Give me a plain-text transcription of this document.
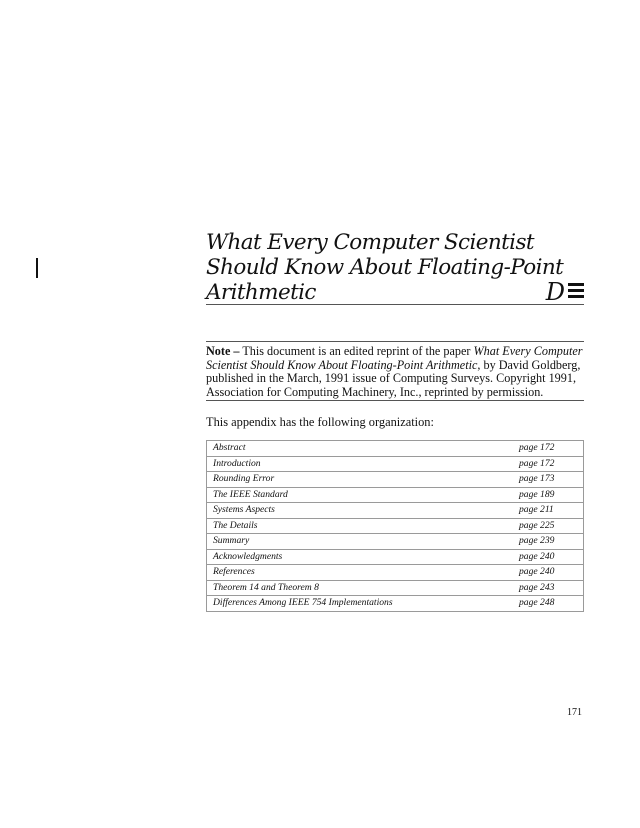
What Every Computer Scientist
Should Know About Floating-Point
Arithmetic	D
Note – This document is an edited reprint of the paper What Every Computer
Scientist Should Know About Floating-Point Arithmetic, by David Goldberg,
published in the March, 1991 issue of Computing Surveys. Copyright 1991,
Association for Computing Machinery, Inc., reprinted by permission.
This appendix has the following organization:
Abstract	page 172
Introduction	page 172
Rounding Error	page 173
The IEEE Standard	page 189
Systems Aspects	page 211
The Details	page 225
Summary	page 239
Acknowledgments	page 240
References	page 240
Theorem 14 and Theorem 8	page 243
Differences Among IEEE 754 Implementations	page 248
171
